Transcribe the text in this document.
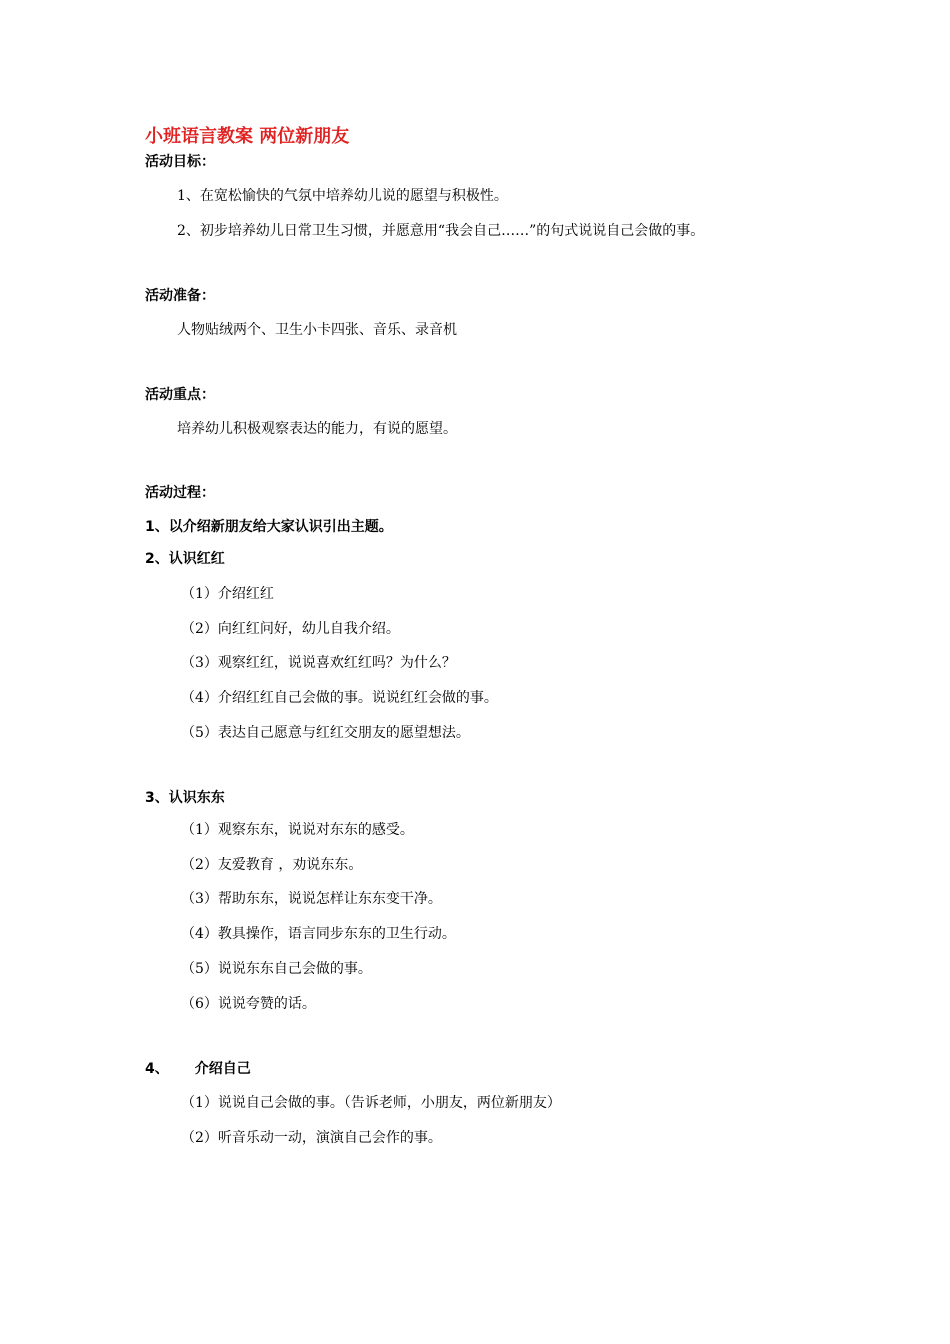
小班语言教案 两位新朋友
活动目标：
1、在宽松愉快的气氛中培养幼儿说的愿望与积极性。
2、初步培养幼儿日常卫生习惯，并愿意用“我会自己……”的句式说说自己会做的事。
活动准备：
人物贴绒两个、卫生小卡四张、音乐、录音机
活动重点：
培养幼儿积极观察表达的能力，有说的愿望。
活动过程：
1、以介绍新朋友给大家认识引出主题。
2、认识红红
（1）介绍红红
（2）向红红问好，幼儿自我介绍。
（3）观察红红，说说喜欢红红吗？为什么？
（4）介绍红红自己会做的事。说说红红会做的事。
（5）表达自己愿意与红红交朋友的愿望想法。
3、认识东东
（1）观察东东，说说对东东的感受。
（2）友爱教育 ，劝说东东。
（3）帮助东东，说说怎样让东东变干净。
（4）教具操作，语言同步东东的卫生行动。
（5）说说东东自己会做的事。
（6）说说夸赞的话。
4、 介绍自己
（1）说说自己会做的事。（告诉老师，小朋友，两位新朋友）
（2）听音乐动一动，演演自己会作的事。
